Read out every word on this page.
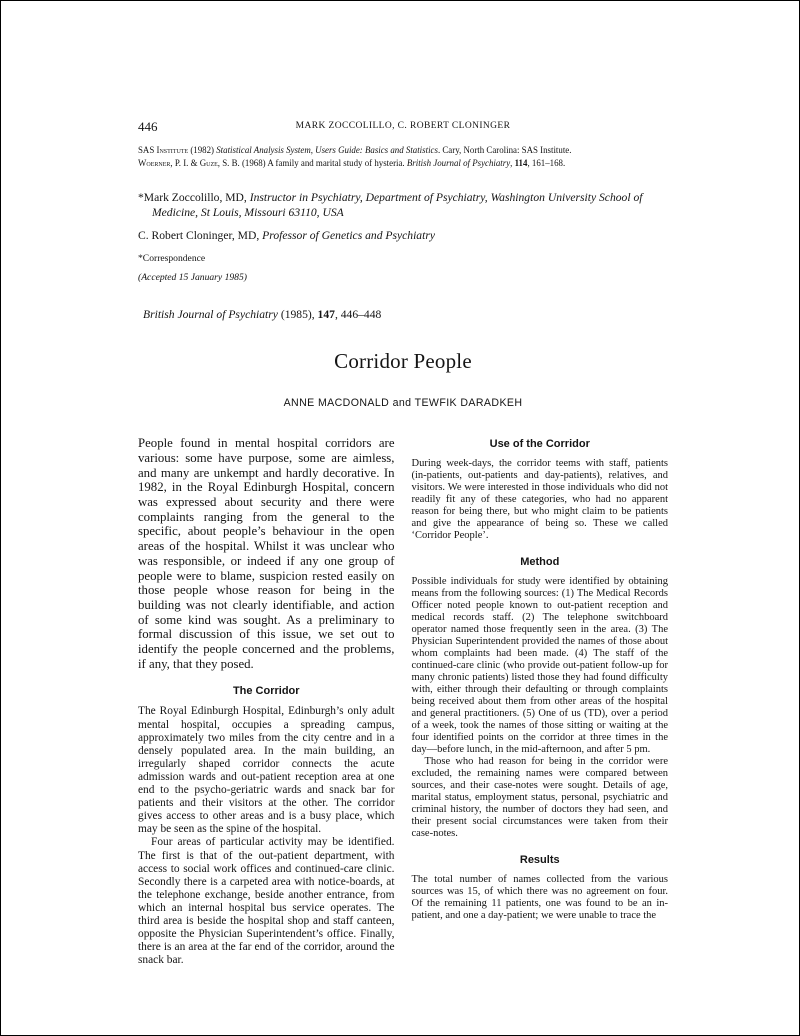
446	MARK ZOCCOLILLO, C. ROBERT CLONINGER

SAS Institute (1982) Statistical Analysis System, Users Guide: Basics and Statistics. Cary, North Carolina: SAS Institute.

Woerner, P. I. & Guze, S. B. (1968) A family and marital study of hysteria. British Journal of Psychiatry, 114, 161–168.

*Mark Zoccolillo, MD, Instructor in Psychiatry, Department of Psychiatry, Washington University School of Medicine, St Louis, Missouri 63110, USA

C. Robert Cloninger, MD, Professor of Genetics and Psychiatry

*Correspondence

(Accepted 15 January 1985)

British Journal of Psychiatry (1985), 147, 446–448

Corridor People

ANNE MACDONALD and TEWFIK DARADKEH

People found in mental hospital corridors are various: some have purpose, some are aimless, and many are unkempt and hardly decorative. In 1982, in the Royal Edinburgh Hospital, concern was expressed about security and there were complaints ranging from the general to the specific, about people’s behaviour in the open areas of the hospital. Whilst it was unclear who was responsible, or indeed if any one group of people were to blame, suspicion rested easily on those people whose reason for being in the building was not clearly identifiable, and action of some kind was sought. As a preliminary to formal discussion of this issue, we set out to identify the people concerned and the problems, if any, that they posed.

The Corridor

The Royal Edinburgh Hospital, Edinburgh’s only adult mental hospital, occupies a spreading campus, approximately two miles from the city centre and in a densely populated area. In the main building, an irregularly shaped corridor connects the acute admission wards and out-patient reception area at one end to the psycho-geriatric wards and snack bar for patients and their visitors at the other. The corridor gives access to other areas and is a busy place, which may be seen as the spine of the hospital.

Four areas of particular activity may be identified. The first is that of the out-patient department, with access to social work offices and continued-care clinic. Secondly there is a carpeted area with notice-boards, at the telephone exchange, beside another entrance, from which an internal hospital bus service operates. The third area is beside the hospital shop and staff canteen, opposite the Physician Superintendent’s office. Finally, there is an area at the far end of the corridor, around the snack bar.

Use of the Corridor

During week-days, the corridor teems with staff, patients (in-patients, out-patients and day-patients), relatives, and visitors. We were interested in those individuals who did not readily fit any of these categories, who had no apparent reason for being there, but who might claim to be patients and give the appearance of being so. These we called ‘Corridor People’.

Method

Possible individuals for study were identified by obtaining means from the following sources: (1) The Medical Records Officer noted people known to out-patient reception and medical records staff. (2) The telephone switchboard operator named those frequently seen in the area. (3) The Physician Superintendent provided the names of those about whom complaints had been made. (4) The staff of the continued-care clinic (who provide out-patient follow-up for many chronic patients) listed those they had found difficulty with, either through their defaulting or through complaints being received about them from other areas of the hospital and general practitioners. (5) One of us (TD), over a period of a week, took the names of those sitting or waiting at the four identified points on the corridor at three times in the day—before lunch, in the mid-afternoon, and after 5 pm.

Those who had reason for being in the corridor were excluded, the remaining names were compared between sources, and their case-notes were sought. Details of age, marital status, employment status, personal, psychiatric and criminal history, the number of doctors they had seen, and their present social circumstances were taken from their case-notes.

Results

The total number of names collected from the various sources was 15, of which there was no agreement on four. Of the remaining 11 patients, one was found to be an in-patient, and one a day-patient; we were unable to trace the
